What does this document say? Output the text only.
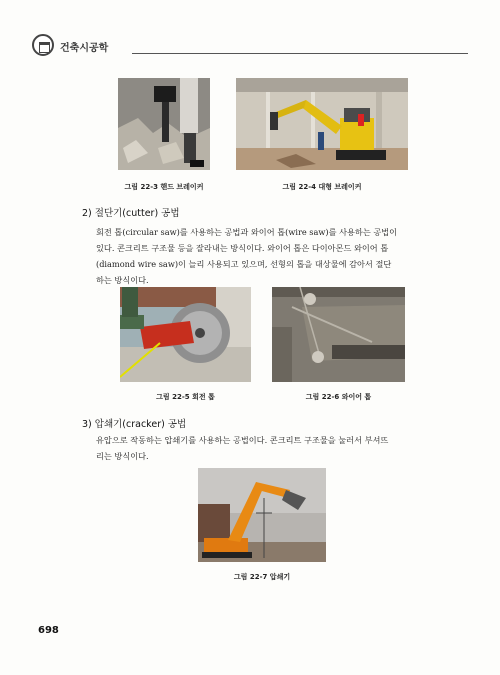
건축시공학
그림 22-3 핸드 브레이커	그림 22-4 대형 브레이커
2) 절단기(cutter) 공법
회전 톱(circular saw)를 사용하는 공법과 와이어 톱(wire saw)를 사용하는 공법이
있다. 콘크리트 구조물 등을 잘라내는 방식이다. 와이어 톱은 다이아몬드 와이어 톱
(diamond wire saw)이 늘리 사용되고 있으며, 선형의 톱을 대상물에 감아서 절단
하는 방식이다.
그림 22-5 회전 톱	그림 22-6 와이어 톱
3) 압쇄기(cracker) 공법
유압으로 작동하는 압쇄기를 사용하는 공법이다. 콘크리트 구조물을 눌러서 부셔뜨
리는 방식이다.
그림 22-7 압쇄기
698
